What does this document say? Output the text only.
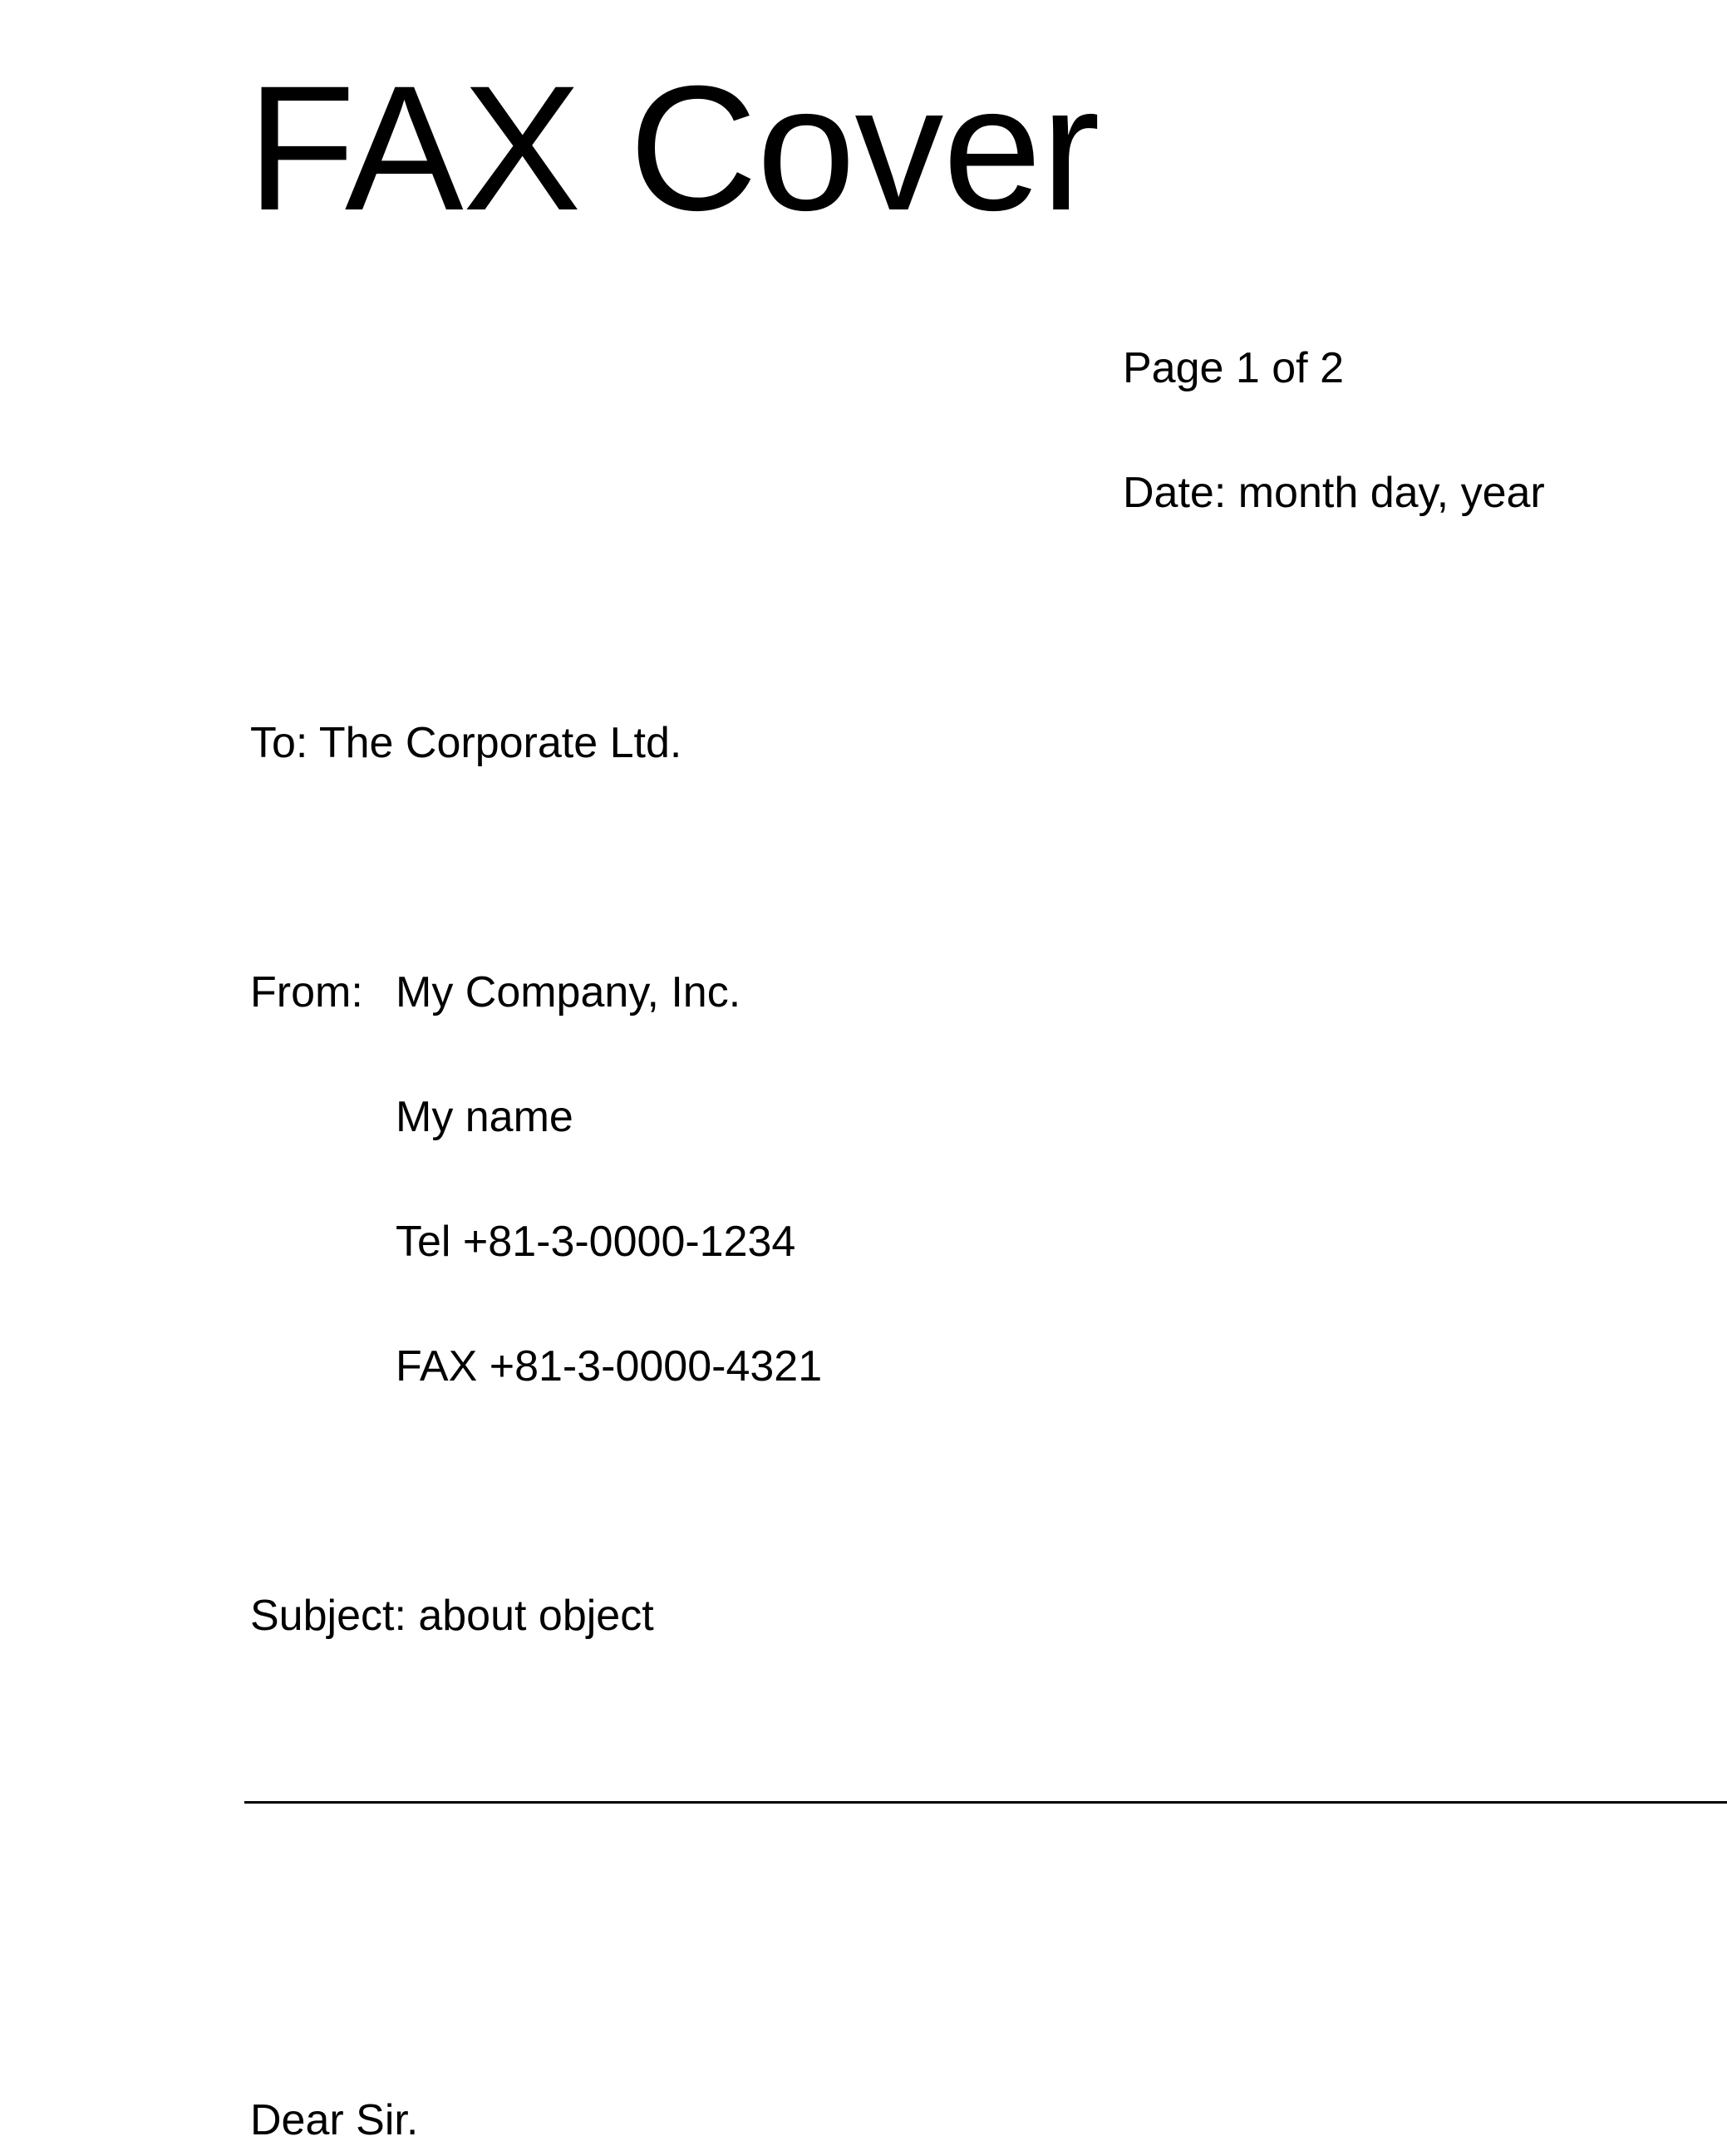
FAX Cover
Page 1 of 2
Date: month day, year
To: The Corporate Ltd.
From: My Company, Inc.
My name
Tel +81-3-0000-1234
FAX +81-3-0000-4321
Subject: about object
Dear Sir.
